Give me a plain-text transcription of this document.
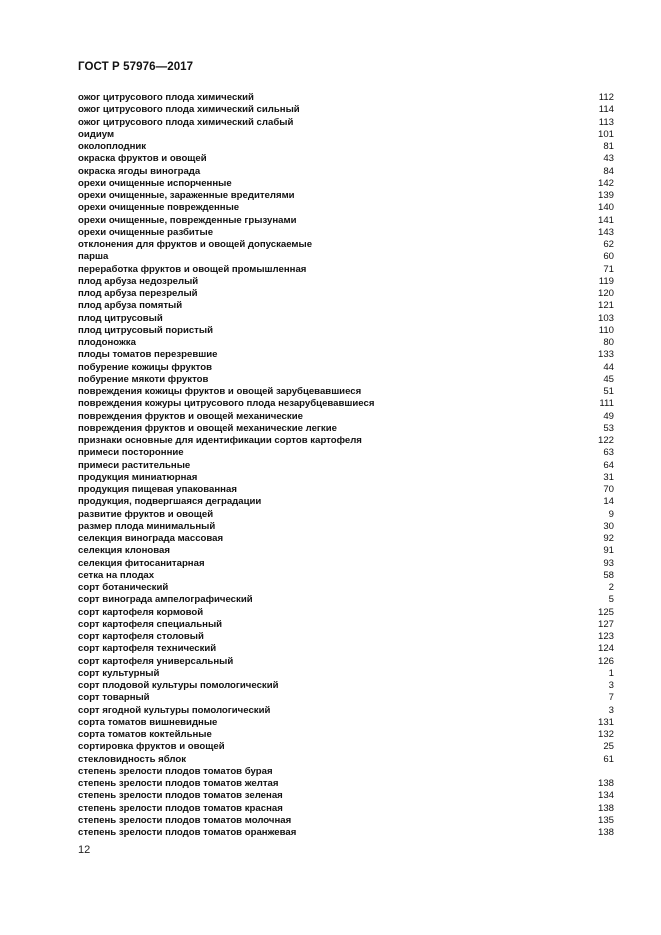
ГОСТ Р 57976—2017
ожог цитрусового плода химический	112
ожог цитрусового плода химический сильный	114
ожог цитрусового плода химический слабый	113
оидиум	101
околоплодник	81
окраска фруктов и овощей	43
окраска ягоды винограда	84
орехи очищенные испорченные	142
орехи очищенные, зараженные вредителями	139
орехи очищенные поврежденные	140
орехи очищенные, поврежденные грызунами	141
орехи очищенные разбитые	143
отклонения для фруктов и овощей допускаемые	62
парша	60
переработка фруктов и овощей промышленная	71
плод арбуза недозрелый	119
плод арбуза перезрелый	120
плод арбуза помятый	121
плод цитрусовый	103
плод цитрусовый пористый	110
плодоножка	80
плоды томатов перезревшие	133
побурение кожицы фруктов	44
побурение мякоти фруктов	45
повреждения кожицы фруктов и овощей зарубцевавшиеся	51
повреждения кожуры цитрусового плода незарубцевавшиеся	111
повреждения фруктов и овощей механические	49
повреждения фруктов и овощей механические легкие	53
признаки основные для идентификации сортов картофеля	122
примеси посторонние	63
примеси растительные	64
продукция миниатюрная	31
продукция пищевая упакованная	70
продукция, подвергшаяся деградации	14
развитие фруктов и овощей	9
размер плода минимальный	30
селекция винограда массовая	92
селекция клоновая	91
селекция фитосанитарная	93
сетка на плодах	58
сорт ботанический	2
сорт винограда ампелографический	5
сорт картофеля кормовой	125
сорт картофеля специальный	127
сорт картофеля столовый	123
сорт картофеля технический	124
сорт картофеля универсальный	126
сорт культурный	1
сорт плодовой культуры помологический	3
сорт товарный	7
сорт ягодной культуры помологический	3
сорта томатов вишневидные	131
сорта томатов коктейльные	132
сортировка фруктов и овощей	25
стекловидность яблок	61
степень зрелости плодов томатов бурая
степень зрелости плодов томатов желтая	138
степень зрелости плодов томатов зеленая	134
степень зрелости плодов томатов красная	138
степень зрелости плодов томатов молочная	135
степень зрелости плодов томатов оранжевая	138
12
